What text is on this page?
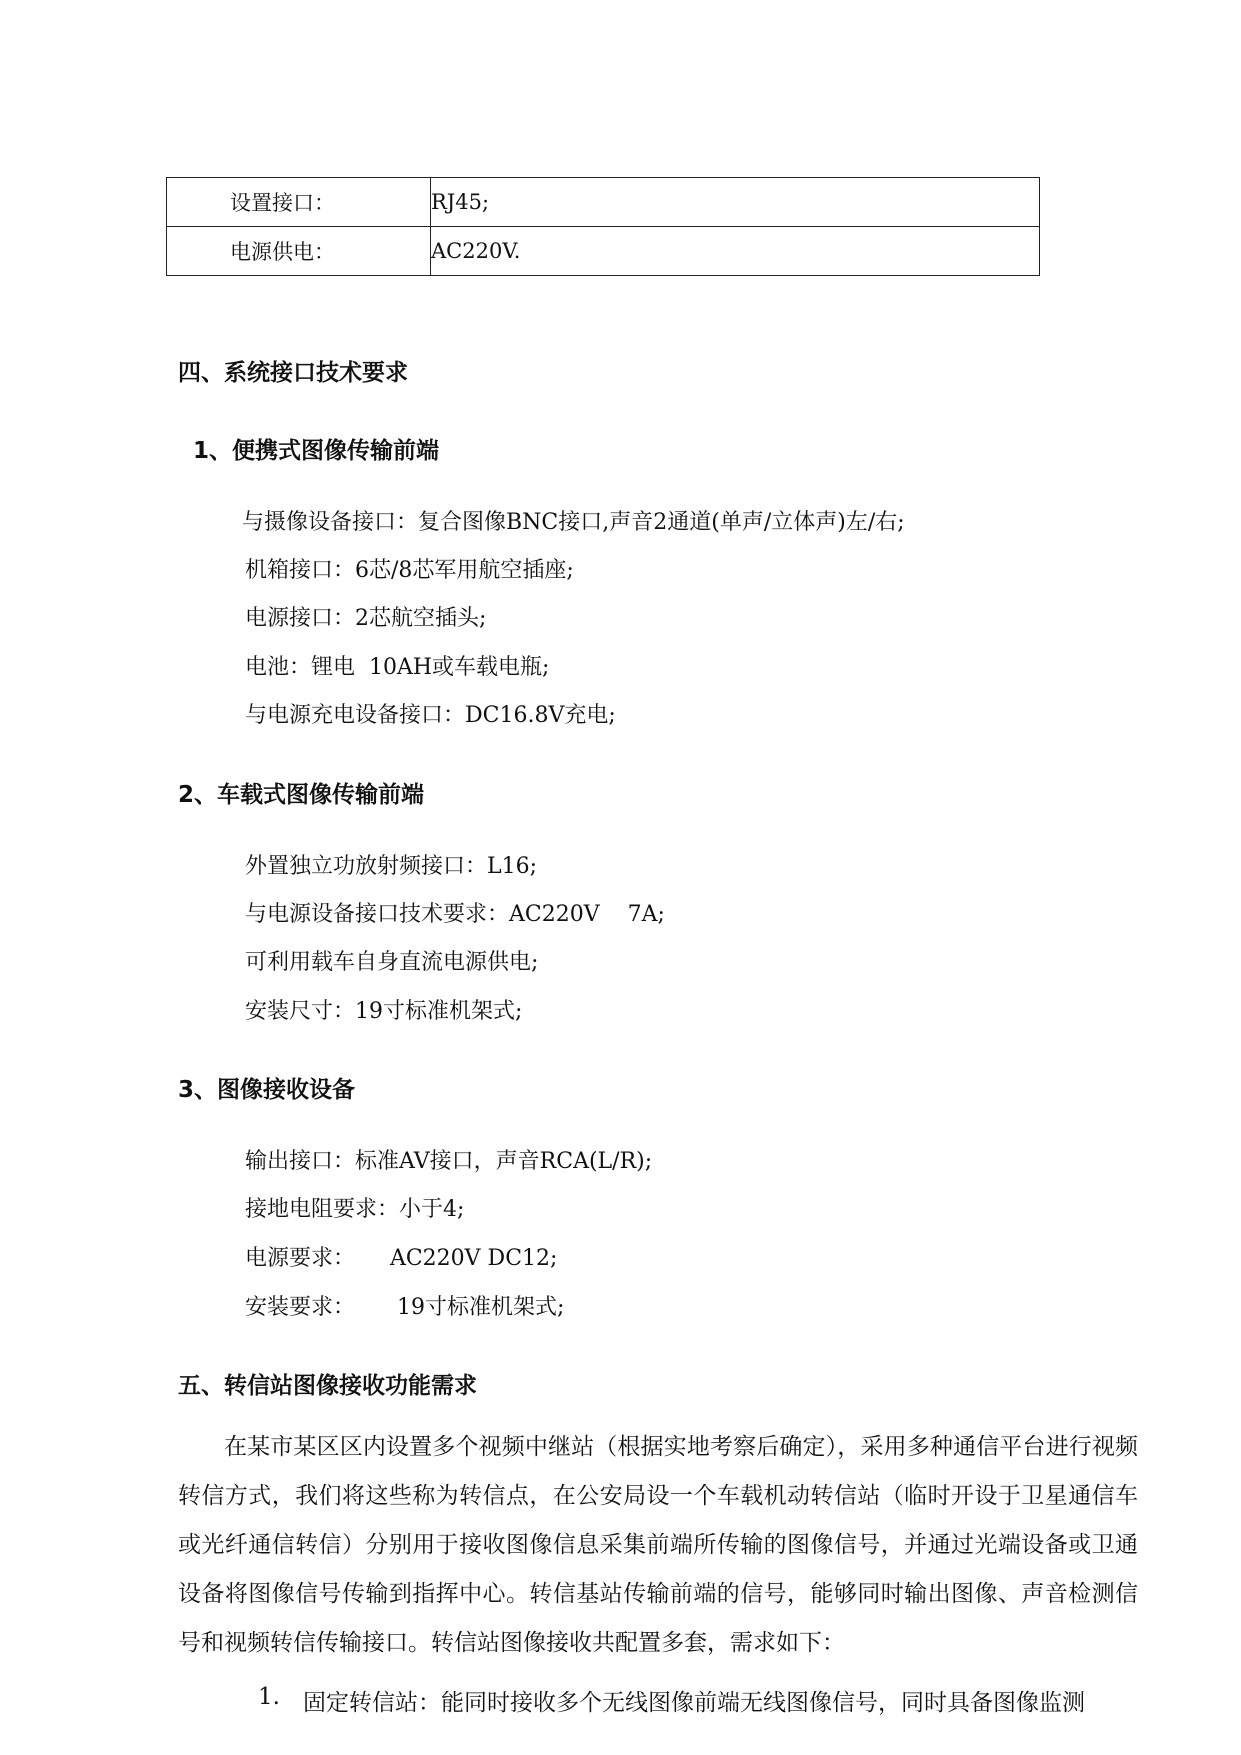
设置接口：	RJ45;
电源供电：	AC220V.
四、系统接口技术要求
1、便携式图像传输前端
与摄像设备接口：复合图像BNC接口,声音2通道(单声/立体声)左/右;
机箱接口：6芯/8芯军用航空插座;
电源接口：2芯航空插头;
电池：锂电  10AH或车载电瓶;
与电源充电设备接口：DC16.8V充电;
2、车载式图像传输前端
外置独立功放射频接口：L16;
与电源设备接口技术要求：AC220V    7A;
可利用载车自身直流电源供电;
安装尺寸：19寸标准机架式;
3、图像接收设备
输出接口：标准AV接口，声音RCA(L/R);
接地电阻要求：小于4;
电源要求：     AC220V DC12;
安装要求：      19寸标准机架式;
五、转信站图像接收功能需求

在某市某区区内设置多个视频中继站（根据实地考察后确定），采用多种通信平台进行视频转信方式，我们将这些称为转信点，在公安局设一个车载机动转信站（临时开设于卫星通信车或光纤通信转信）分别用于接收图像信息采集前端所传输的图像信号，并通过光端设备或卫通设备将图像信号传输到指挥中心。转信基站传输前端的信号，能够同时输出图像、声音检测信号和视频转信传输接口。转信站图像接收共配置多套，需求如下：

1. 固定转信站：能同时接收多个无线图像前端无线图像信号，同时具备图像监测
